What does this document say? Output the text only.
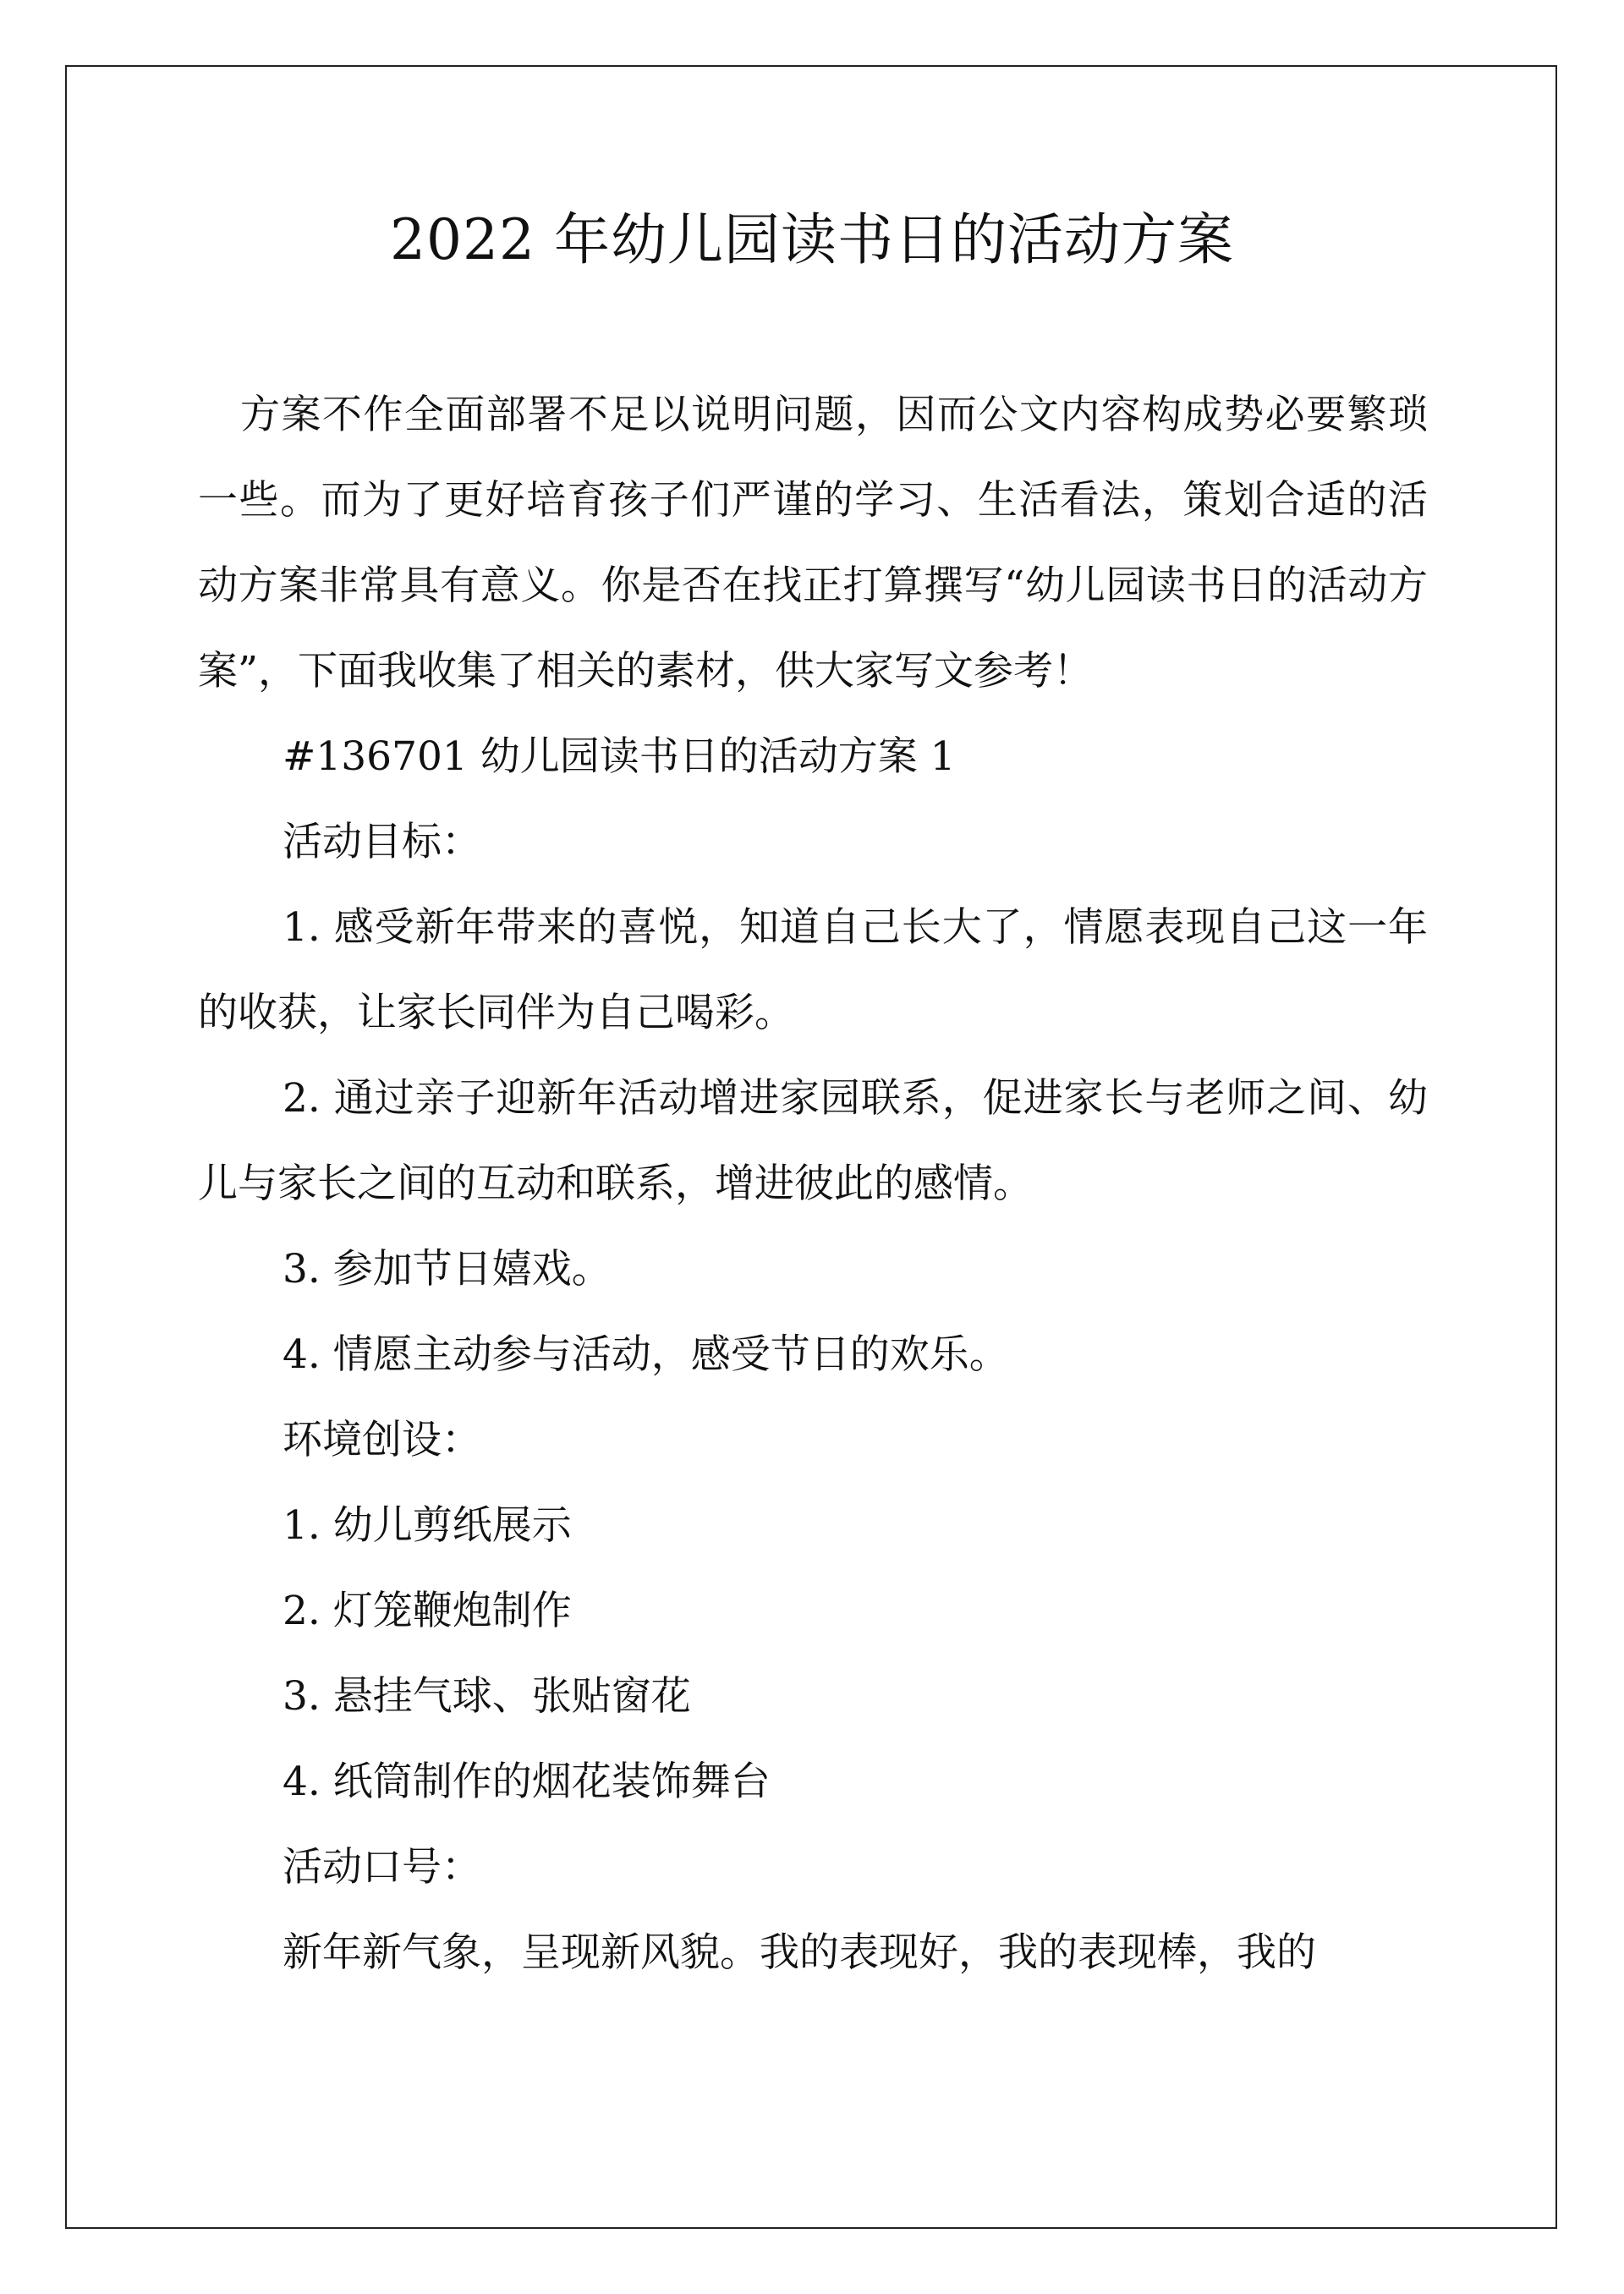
2022 年幼儿园读书日的活动方案

方案不作全面部署不足以说明问题，因而公文内容构成势必要繁琐一些。而为了更好培育孩子们严谨的学习、生活看法，策划合适的活动方案非常具有意义。你是否在找正打算撰写“幼儿园读书日的活动方案”，下面我收集了相关的素材，供大家写文参考！

#136701 幼儿园读书日的活动方案 1

活动目标：

1. 感受新年带来的喜悦，知道自己长大了，情愿表现自己这一年的收获，让家长同伴为自己喝彩。

2. 通过亲子迎新年活动增进家园联系，促进家长与老师之间、幼儿与家长之间的互动和联系，增进彼此的感情。

3. 参加节日嬉戏。

4. 情愿主动参与活动，感受节日的欢乐。

环境创设：

1. 幼儿剪纸展示

2. 灯笼鞭炮制作

3. 悬挂气球、张贴窗花

4. 纸筒制作的烟花装饰舞台

活动口号：

新年新气象，呈现新风貌。我的表现好，我的表现棒，我的
